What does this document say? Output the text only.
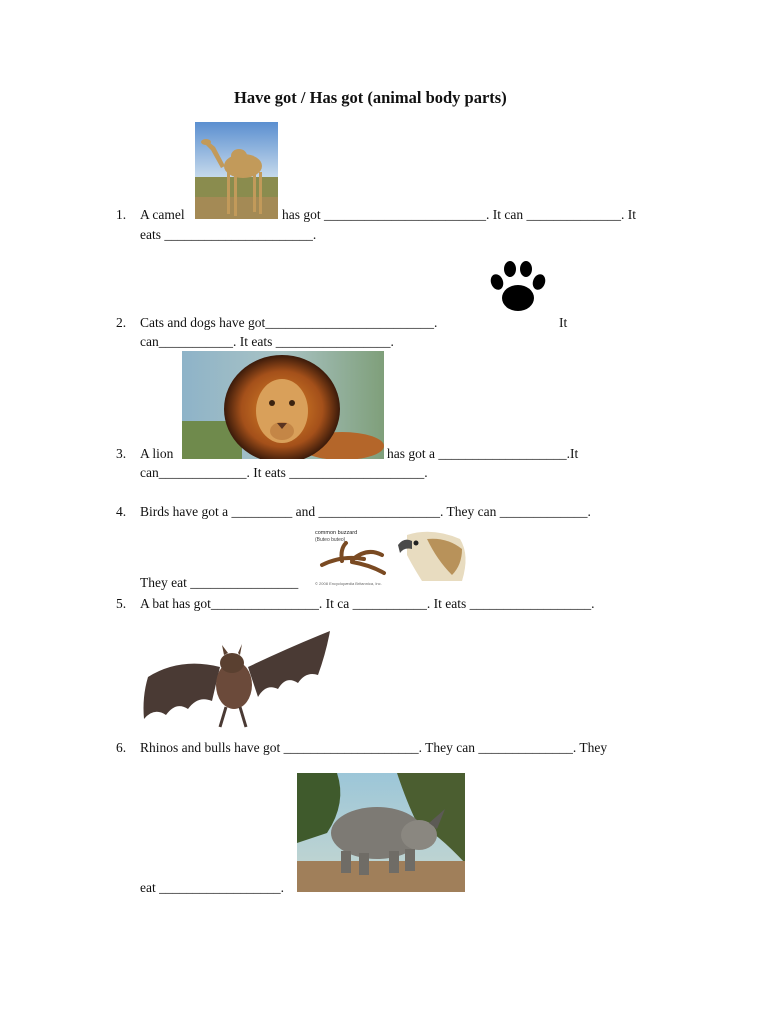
Have got / Has got (animal body parts)
1. A camel	has got ________________________. It can ______________. It
eats ______________________.
2. Cats and dogs have got_________________________.	It
can___________. It eats _________________.
3. A lion	has got a ___________________.It
can_____________. It eats ____________________.
4. Birds have got a _________ and __________________. They can _____________.
common buzzard
(Buteo buteo)
© 2008 Encyclopædia Britannica, Inc.
They eat ________________
5. A bat has got________________. It ca ___________. It eats __________________.
6. Rhinos and bulls have got ____________________. They can ______________. They
eat __________________.
